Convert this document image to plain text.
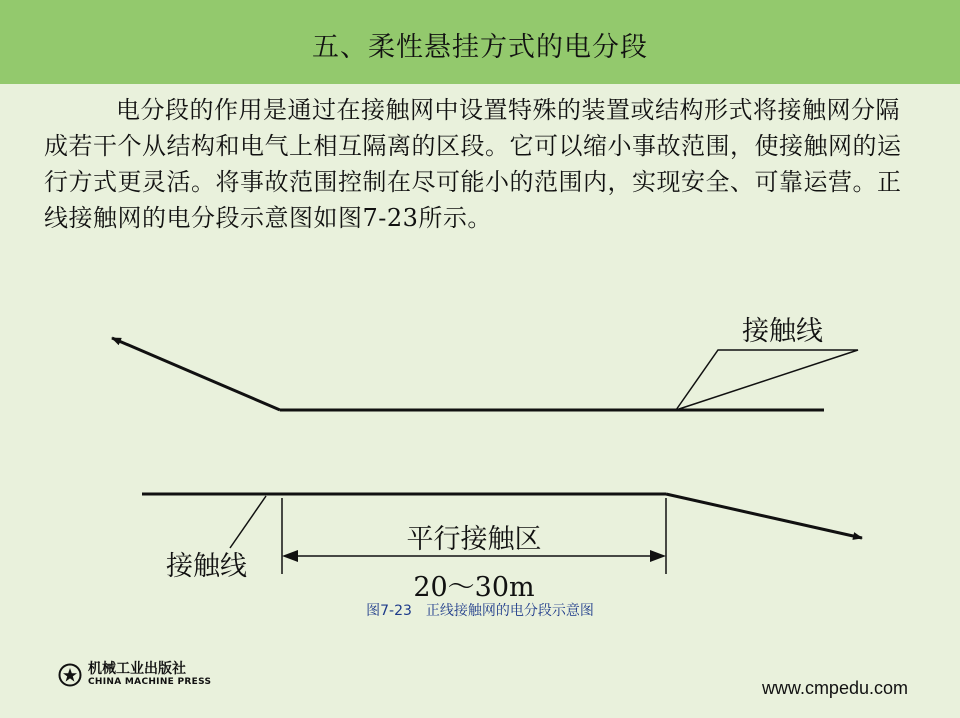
五、柔性悬挂方式的电分段

电分段的作用是通过在接触网中设置特殊的装置或结构形式将接触网分隔成若干个从结构和电气上相互隔离的区段。它可以缩小事故范围，使接触网的运行方式更灵活。将事故范围控制在尽可能小的范围内，实现安全、可靠运营。正线接触网的电分段示意图如图7-23所示。

接触线
接触线
平行接触区
20～30m
图7-23　正线接触网的电分段示意图
机械工业出版社
CHINA MACHINE PRESS	www.cmpedu.com
